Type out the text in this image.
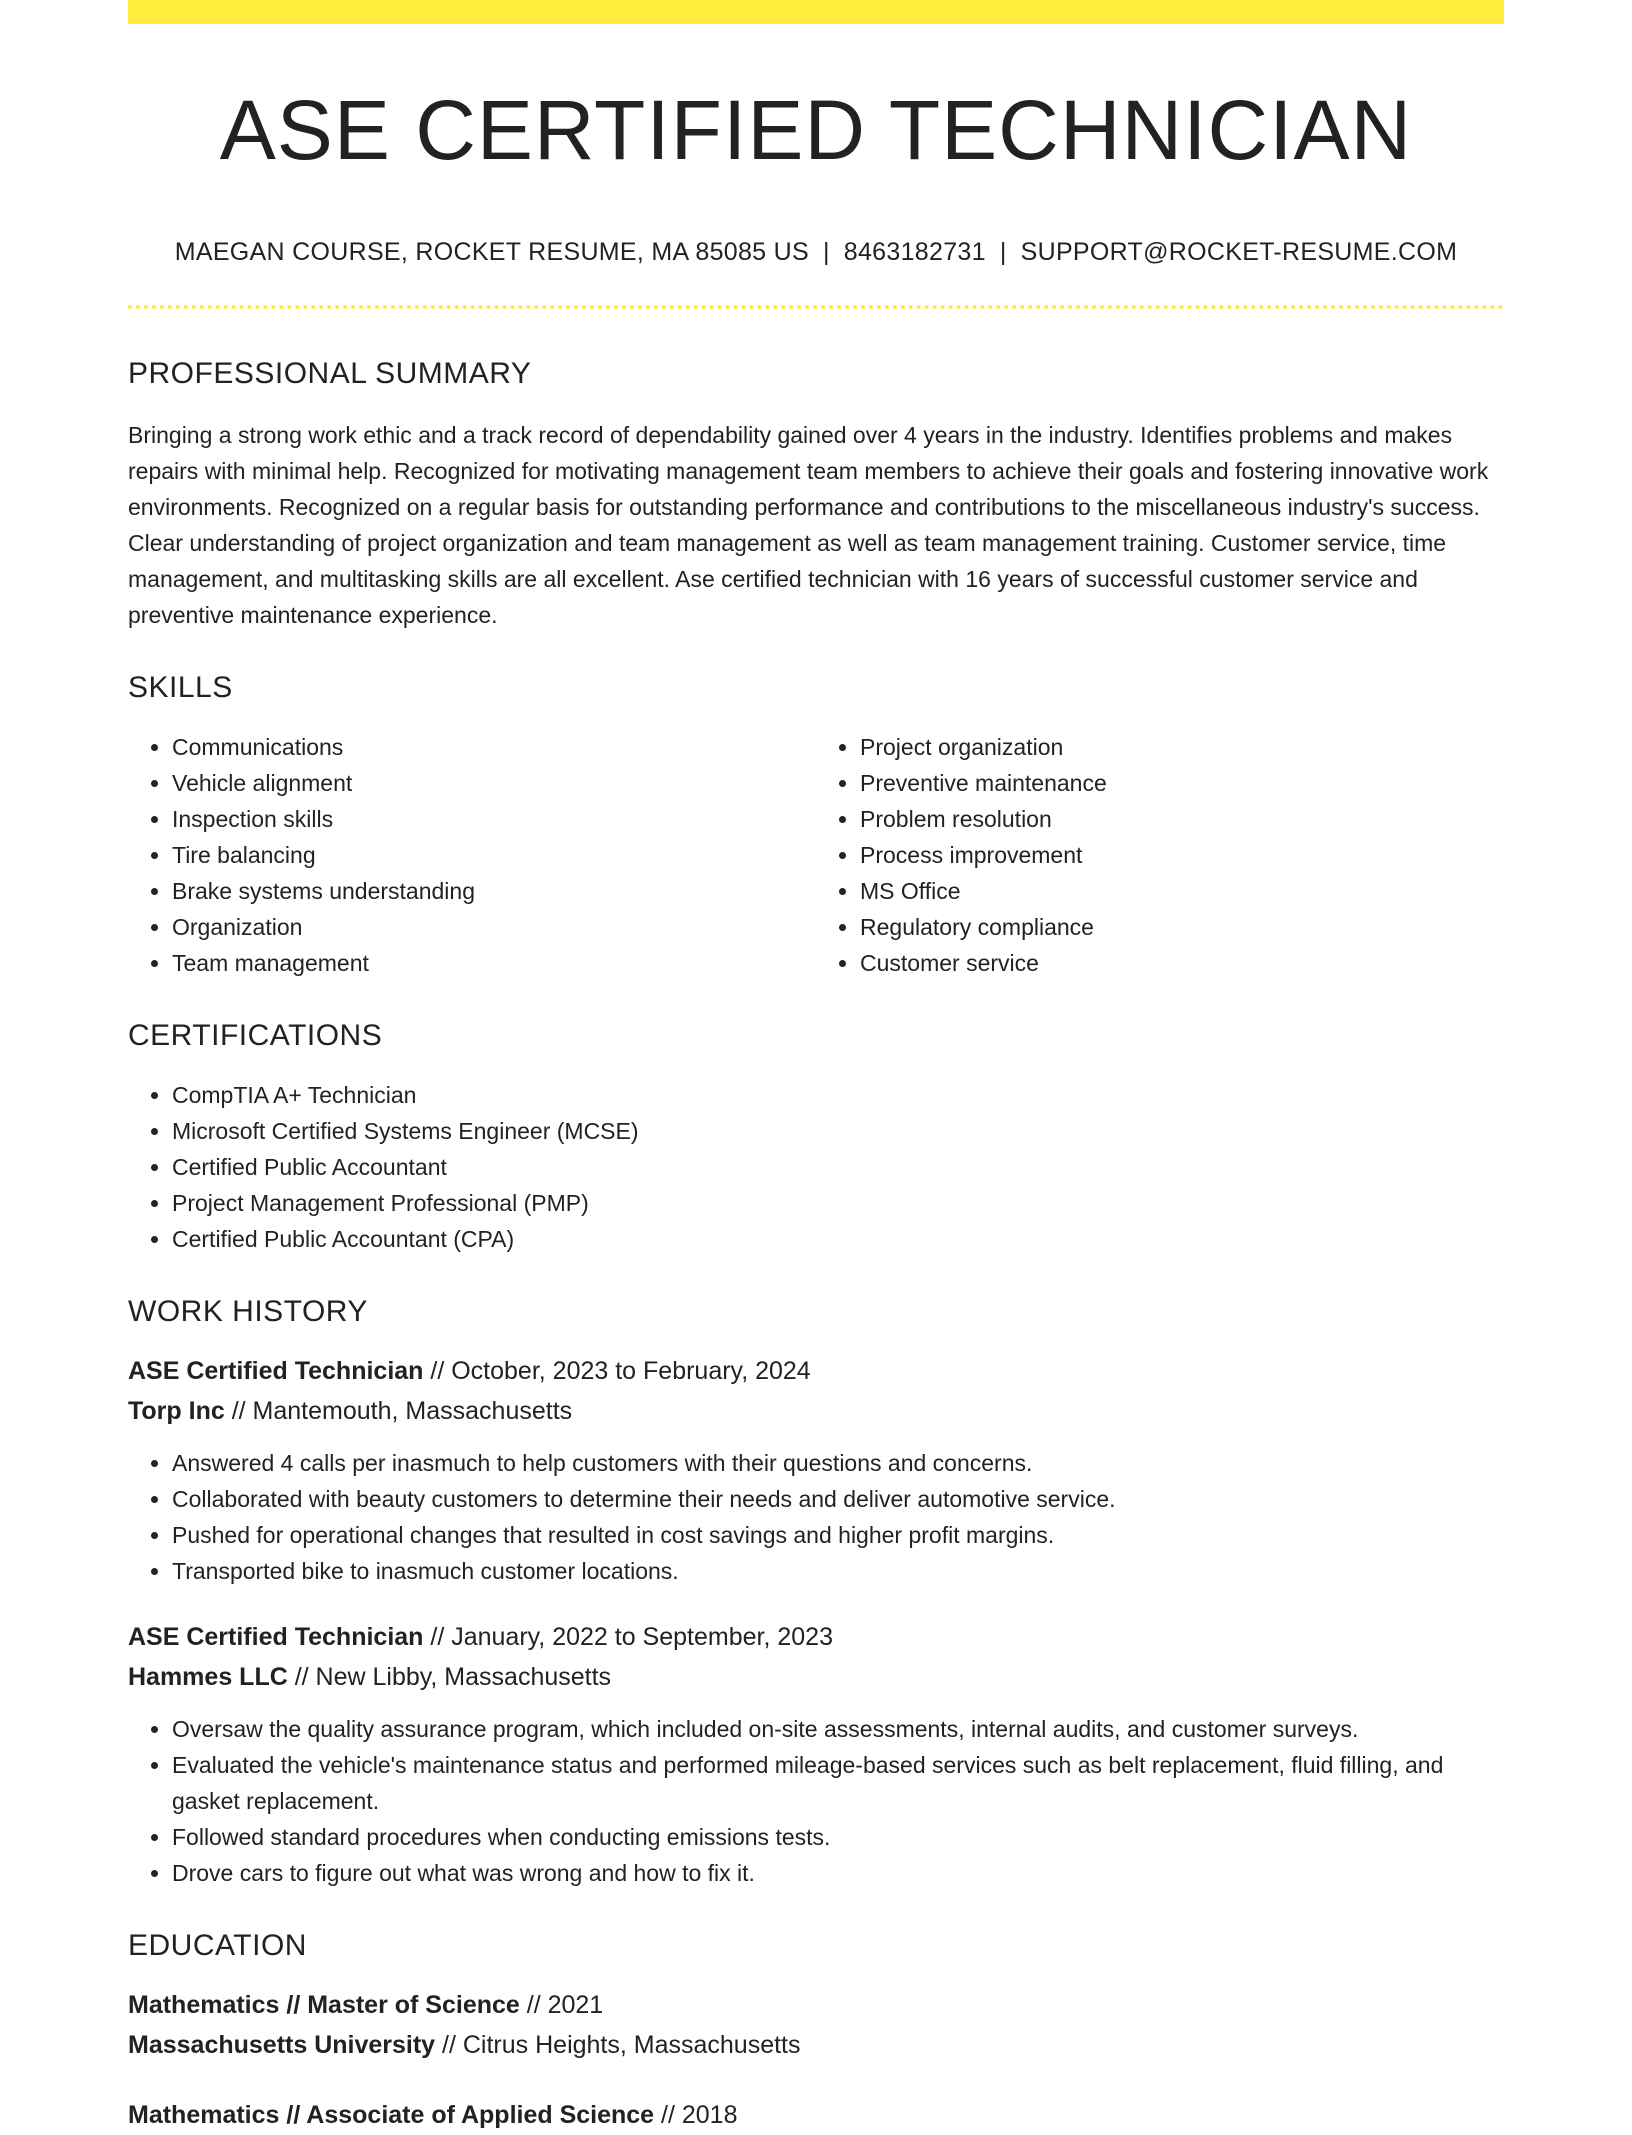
ASE CERTIFIED TECHNICIAN
MAEGAN COURSE, ROCKET RESUME, MA 85085 US | 8463182731 | SUPPORT@ROCKET-RESUME.COM
PROFESSIONAL SUMMARY

Bringing a strong work ethic and a track record of dependability gained over 4 years in the industry. Identifies problems and makes repairs with minimal help. Recognized for motivating management team members to achieve their goals and fostering innovative work environments. Recognized on a regular basis for outstanding performance and contributions to the miscellaneous industry's success. Clear understanding of project organization and team management as well as team management training. Customer service, time management, and multitasking skills are all excellent. Ase certified technician with 16 years of successful customer service and preventive maintenance experience.

SKILLS
• Communications
• Vehicle alignment
• Inspection skills
• Tire balancing
• Brake systems understanding
• Organization
• Team management
• Project organization
• Preventive maintenance
• Problem resolution
• Process improvement
• MS Office
• Regulatory compliance
• Customer service
CERTIFICATIONS
• CompTIA A+ Technician
• Microsoft Certified Systems Engineer (MCSE)
• Certified Public Accountant
• Project Management Professional (PMP)
• Certified Public Accountant (CPA)
WORK HISTORY
ASE Certified Technician // October, 2023 to February, 2024
Torp Inc // Mantemouth, Massachusetts
• Answered 4 calls per inasmuch to help customers with their questions and concerns.
• Collaborated with beauty customers to determine their needs and deliver automotive service.
• Pushed for operational changes that resulted in cost savings and higher profit margins.
• Transported bike to inasmuch customer locations.
ASE Certified Technician // January, 2022 to September, 2023
Hammes LLC // New Libby, Massachusetts
• Oversaw the quality assurance program, which included on-site assessments, internal audits, and customer surveys.
• Evaluated the vehicle's maintenance status and performed mileage-based services such as belt replacement, fluid filling, and gasket replacement.
• Followed standard procedures when conducting emissions tests.
• Drove cars to figure out what was wrong and how to fix it.
EDUCATION
Mathematics // Master of Science // 2021
Massachusetts University // Citrus Heights, Massachusetts
Mathematics // Associate of Applied Science // 2018
